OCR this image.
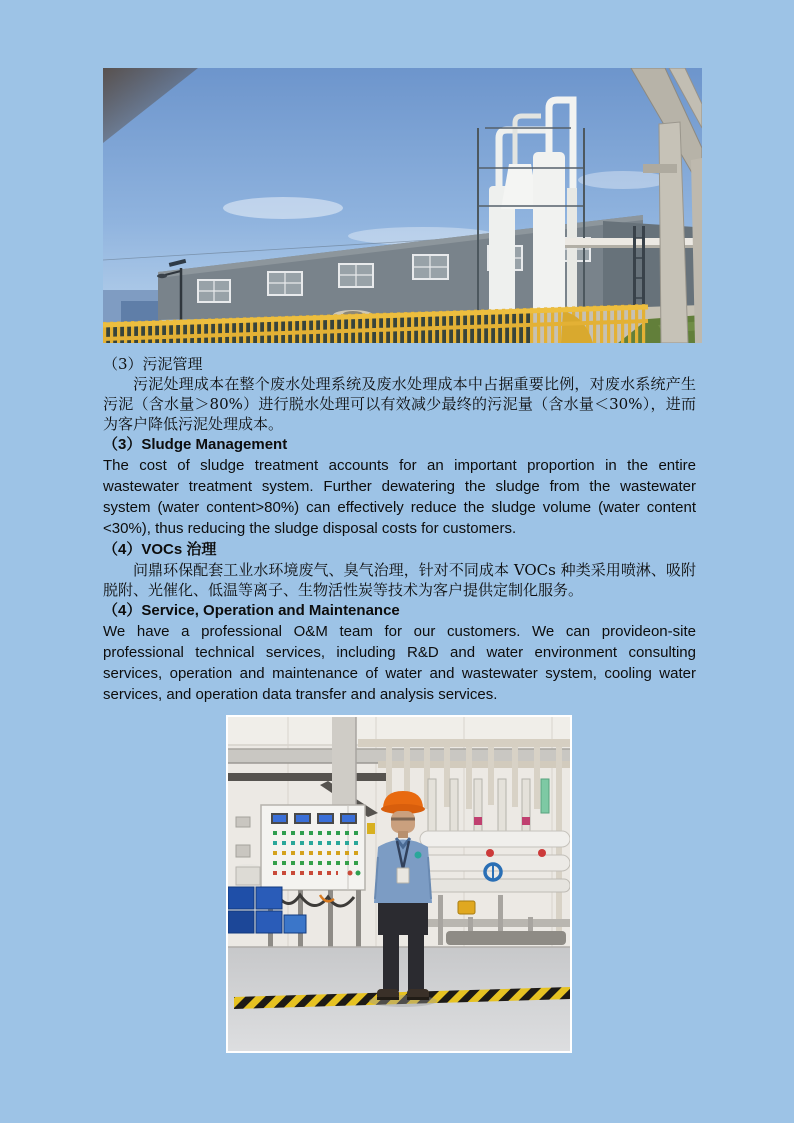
（3）污泥管理

污泥处理成本在整个废水处理系统及废水处理成本中占据重要比例，对废水系统产生污泥（含水量＞80%）进行脱水处理可以有效减少最终的污泥量（含水量＜30%），进而为客户降低污泥处理成本。

（3）Sludge Management

The cost of sludge treatment accounts for an important proportion in the entire wastewater treatment system. Further dewatering the sludge from the wastewater system (water content>80%) can effectively reduce the sludge volume (water content <30%), thus reducing the sludge disposal costs for customers.

（4）VOCs 治理

问鼎环保配套工业水环境废气、臭气治理，针对不同成本 VOCs 种类采用喷淋、吸附脱附、光催化、低温等离子、生物活性炭等技术为客户提供定制化服务。

（4）Service, Operation and Maintenance

We have a professional O&M team for our customers. We can provideon-site professional technical services, including R&D and water environment consulting services, operation and maintenance of water and wastewater system, cooling water services, and operation data transfer and analysis services.
